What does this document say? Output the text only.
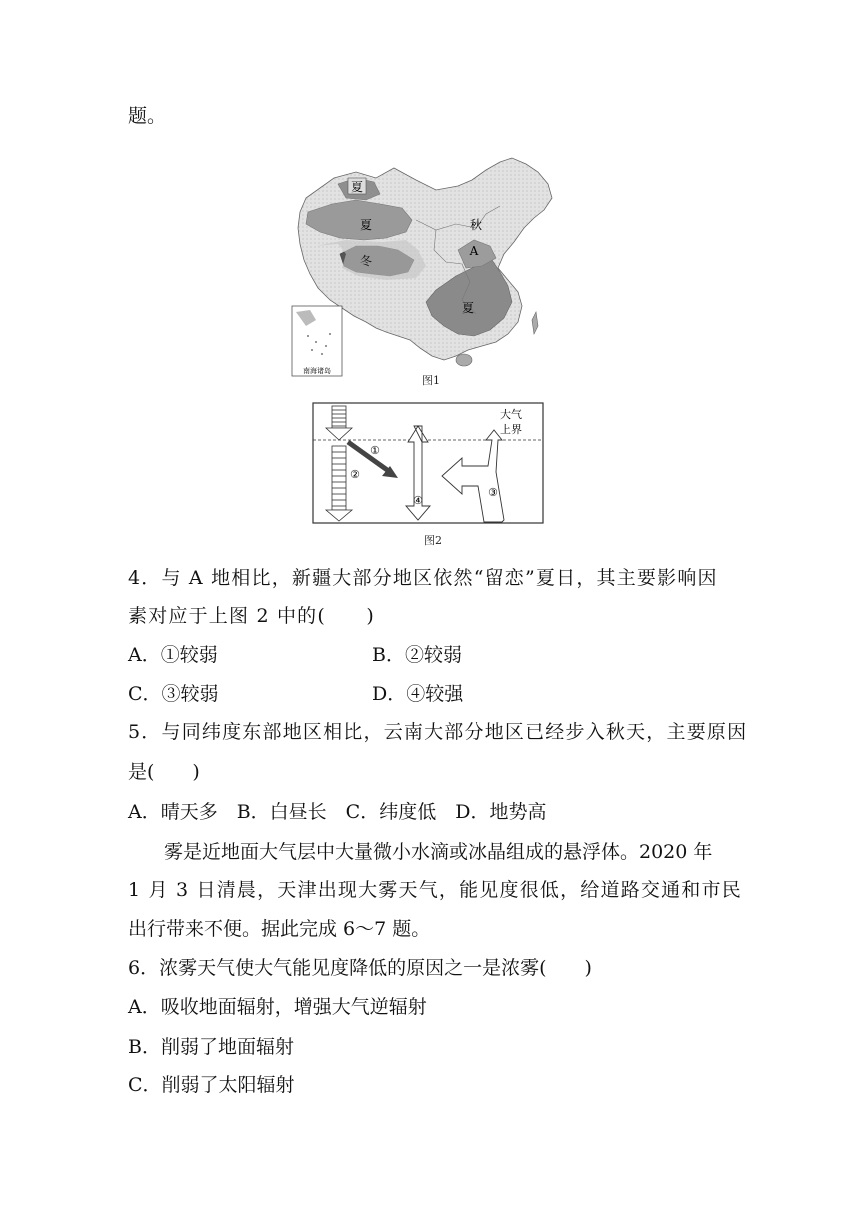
题。
夏
夏
冬
秋
A
夏
南海诸岛
图1
大气
上界
①
②
④
③
图2
4．与 A 地相比，新疆大部分地区依然“留恋”夏日，其主要影响因
素对应于上图 2 中的(　　)
A．①较弱	B．②较弱
C．③较弱	D．④较强
5．与同纬度东部地区相比，云南大部分地区已经步入秋天，主要原因
是(　　)
A．晴天多　B．白昼长　C．纬度低　D．地势高
雾是近地面大气层中大量微小水滴或冰晶组成的悬浮体。2020 年
1 月 3 日清晨，天津出现大雾天气，能见度很低，给道路交通和市民
出行带来不便。据此完成 6～7 题。
6．浓雾天气使大气能见度降低的原因之一是浓雾(　　)
A．吸收地面辐射，增强大气逆辐射
B．削弱了地面辐射
C．削弱了太阳辐射
